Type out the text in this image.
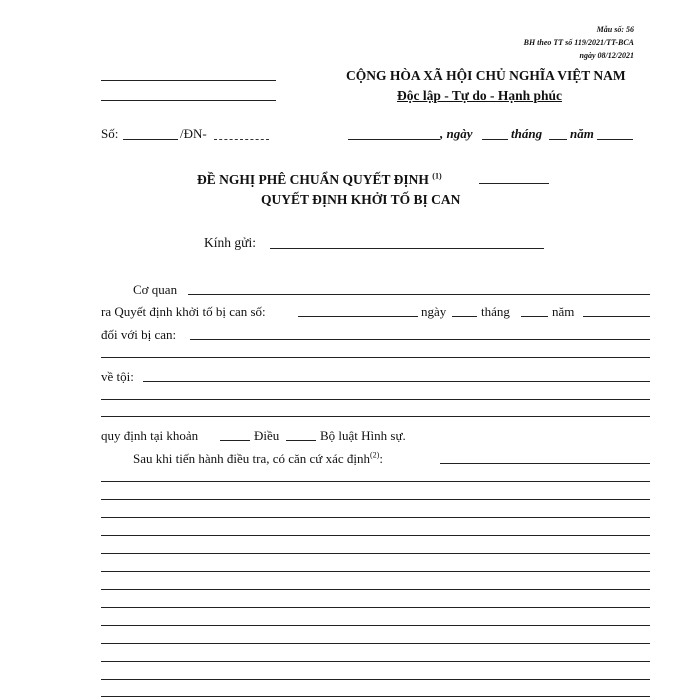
Mẫu số: 56
BH theo TT số 119/2021/TT-BCA
ngày 08/12/2021
CỘNG HÒA XÃ HỘI CHỦ NGHĨA VIỆT NAM
Độc lập - Tự do - Hạnh phúc
Số:	/ĐN-	, ngày	tháng năm
ĐỀ NGHỊ PHÊ CHUẨN QUYẾT ĐỊNH $^{(1)}$
QUYẾT ĐỊNH KHỞI TỐ BỊ CAN
Kính gửi:
Cơ quan
ra Quyết định khởi tố bị can số:	ngày	tháng	năm
đối với bị can:
về tội:
quy định tại khoản	Điều	Bộ luật Hình sự.
Sau khi tiến hành điều tra, có căn cứ xác định$^{(2)}$:
